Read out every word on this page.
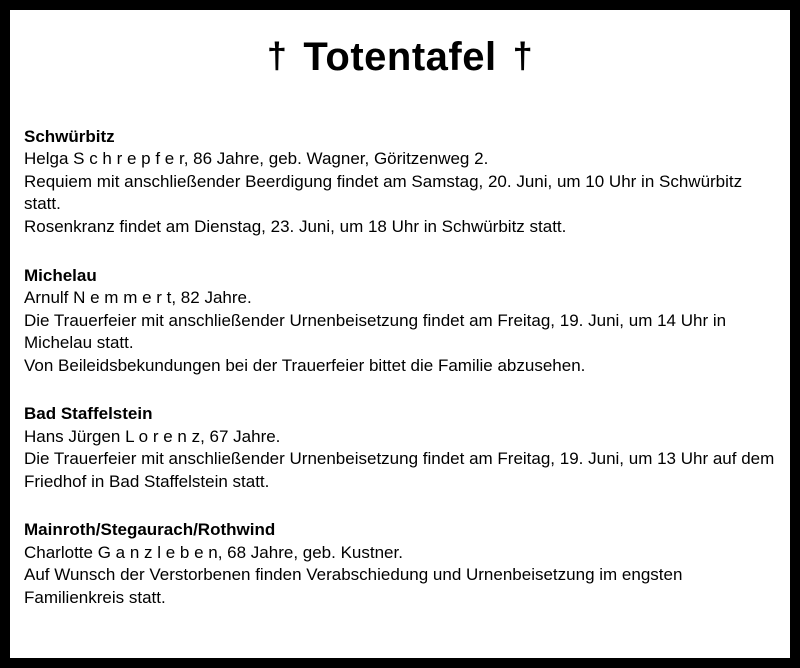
† Totentafel †
Schwürbitz

Helga S c h r e p f e r, 86 Jahre, geb. Wagner, Göritzenweg 2.

Requiem mit anschließender Beerdigung findet am Samstag, 20. Juni, um 10 Uhr in Schwürbitz statt.

Rosenkranz findet am Dienstag, 23. Juni, um 18 Uhr in Schwürbitz statt.

Michelau

Arnulf N e m m e r t, 82 Jahre.

Die Trauerfeier mit anschließender Urnenbeisetzung findet am Freitag, 19. Juni, um 14 Uhr in Michelau statt.

Von Beileidsbekundungen bei der Trauerfeier bittet die Familie abzusehen.

Bad Staffelstein

Hans Jürgen L o r e n z, 67 Jahre.

Die Trauerfeier mit anschließender Urnenbeisetzung findet am Freitag, 19. Juni, um 13 Uhr auf dem Friedhof in Bad Staffelstein statt.

Mainroth/Stegaurach/Rothwind

Charlotte G a n z l e b e n, 68 Jahre, geb. Kustner.

Auf Wunsch der Verstorbenen finden Verabschiedung und Urnenbeisetzung im engsten Familienkreis statt.
